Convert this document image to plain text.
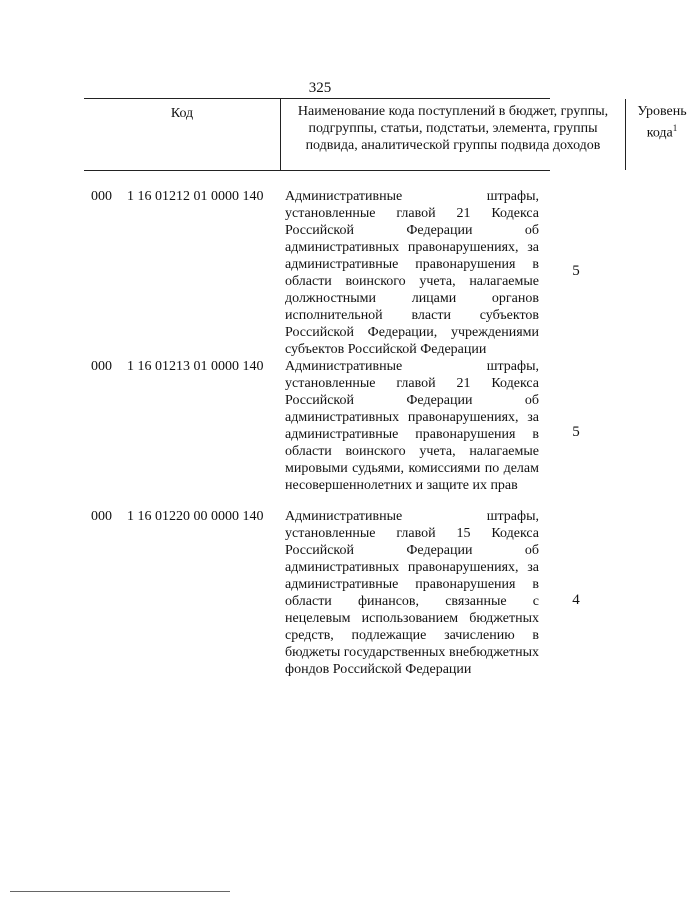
325
Код	Наименование кода поступлений в бюджет, группы, подгруппы, статьи, подстатьи, элемента, группы подвида, аналитической группы подвида доходов
Уровень кода$^1$
000 1 16 01212 01 0000 140 Административные штрафы, установленные главой 21 Кодекса Российской Федерации об административных правонарушениях, за административные правонарушения в области воинского учета, налагаемые должностными лицами органов исполнительной власти субъектов Российской Федерации, учреждениями субъектов Российской Федерации
5
000 1 16 01213 01 0000 140 Административные штрафы, установленные главой 21 Кодекса Российской Федерации об административных правонарушениях, за административные правонарушения в области воинского учета, налагаемые мировыми судьями, комиссиями по делам несовершеннолетних и защите их прав
5
000 1 16 01220 00 0000 140 Административные штрафы, установленные главой 15 Кодекса Российской Федерации об административных правонарушениях, за административные правонарушения в области финансов, связанные с нецелевым использованием бюджетных средств, подлежащие зачислению в бюджеты государственных внебюджетных фондов Российской Федерации
4
